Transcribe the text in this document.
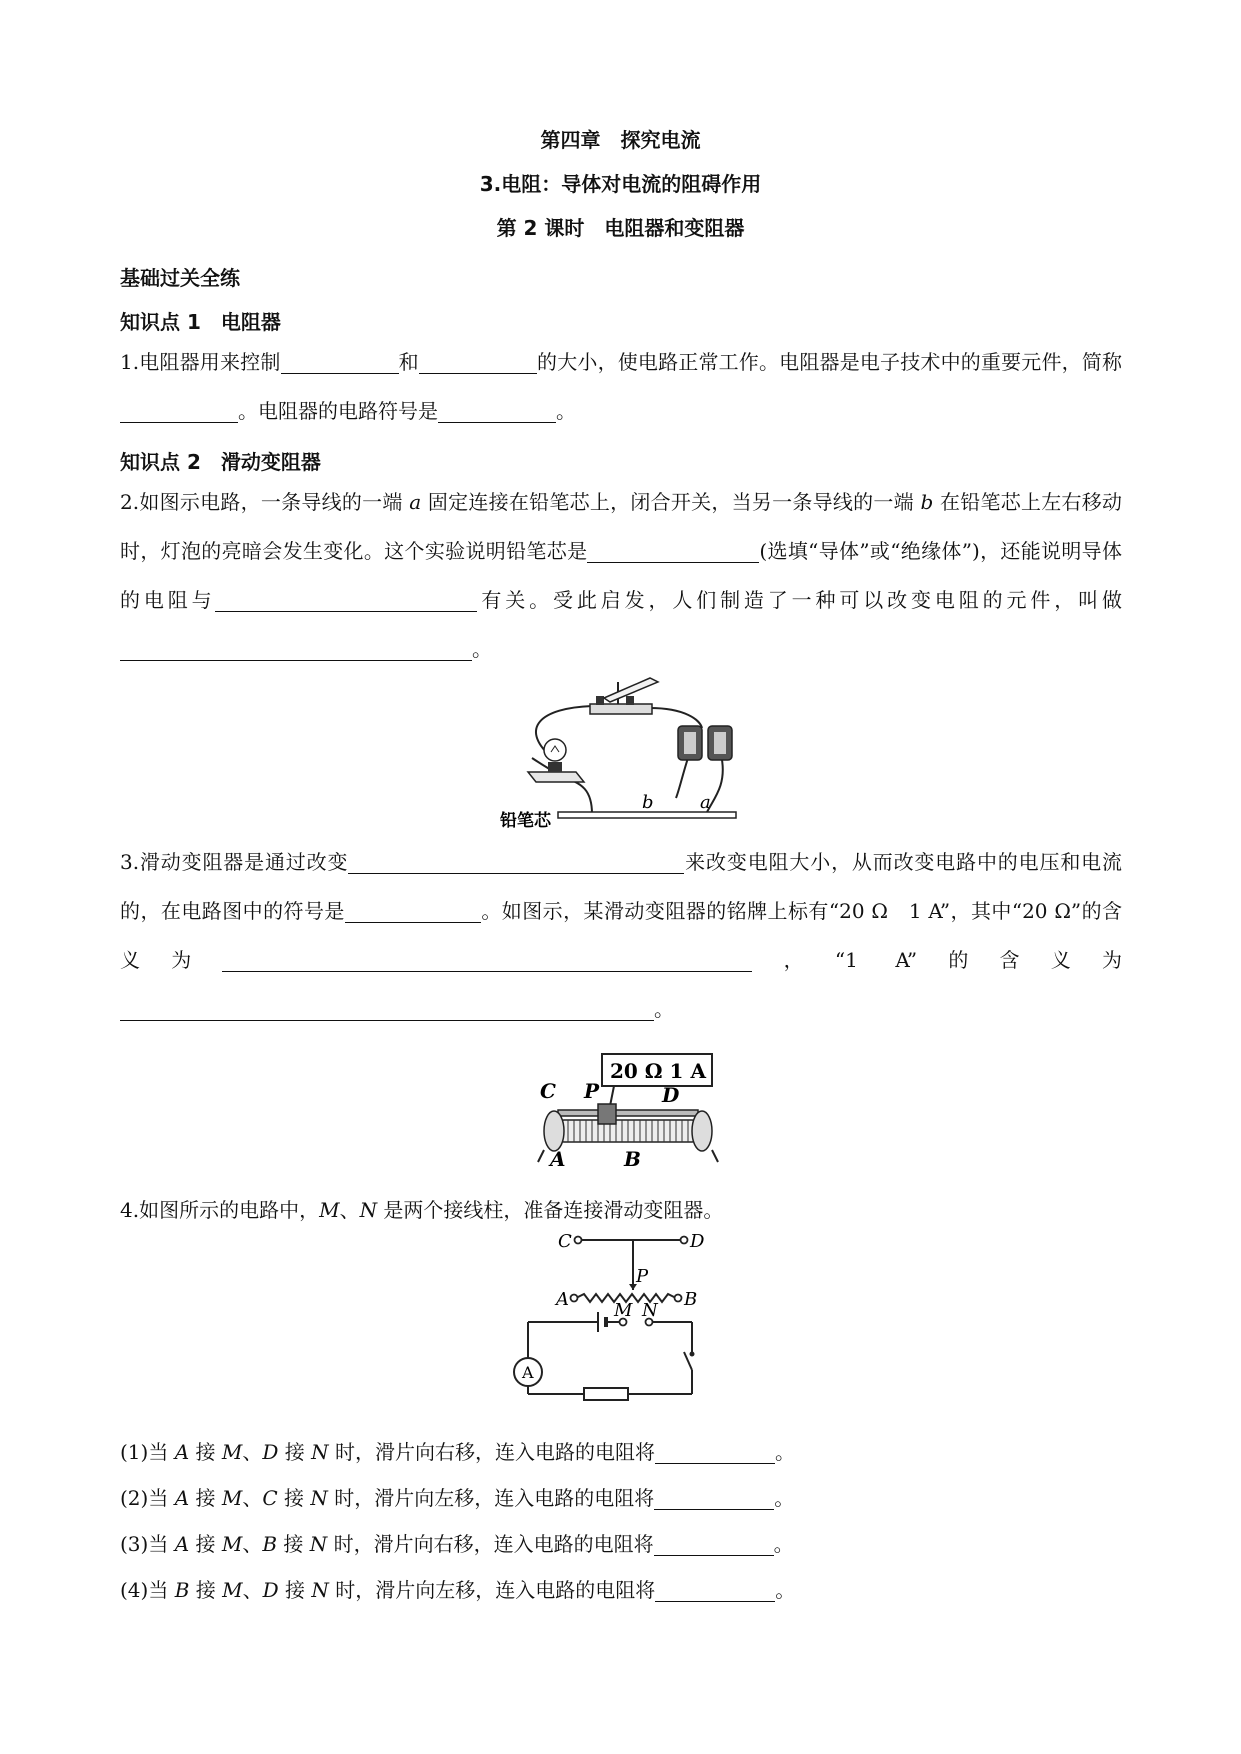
第四章　探究电流
3.电阻：导体对电流的阻碍作用
第 2 课时　电阻器和变阻器
基础过关全练
知识点 1　电阻器
1.电阻器用来控制	和	的大小，使电路正常工作。电阻器是电子技术中的重要元件，简称。电阻器的电路符号是	。
知识点 2　滑动变阻器
2.如图示电路，一条导线的一端 a 固定连接在铅笔芯上，闭合开关，当另一条导线的一端 b 在铅笔芯上左右移动时，灯泡的亮暗会发生变化。这个实验说明铅笔芯是	(选填“导体”或“绝缘体”)，还能说明导体的电阻与	有关。受此启发，人们制造了一种可以改变电阻的元件，叫做。
铅笔芯
b	a
3.滑动变阻器是通过改变	来改变电阻大小，从而改变电路中的电压和电流的，在电路图中的符号是	。如图示，某滑动变阻器的铭牌上标有“20 Ω　1 A”，其中“20 Ω”的含义为	，“1 A”的含义为。
20 Ω 1 A
C P	D
A	B
4.如图所示的电路中，M、N 是两个接线柱，准备连接滑动变阻器。
A
C	D
P
A	B
M N
(1)当 A 接 M、D 接 N 时，滑片向右移，连入电路的电阻将	。
(2)当 A 接 M、C 接 N 时，滑片向左移，连入电路的电阻将	。
(3)当 A 接 M、B 接 N 时，滑片向右移，连入电路的电阻将	。
(4)当 B 接 M、D 接 N 时，滑片向左移，连入电路的电阻将	。
